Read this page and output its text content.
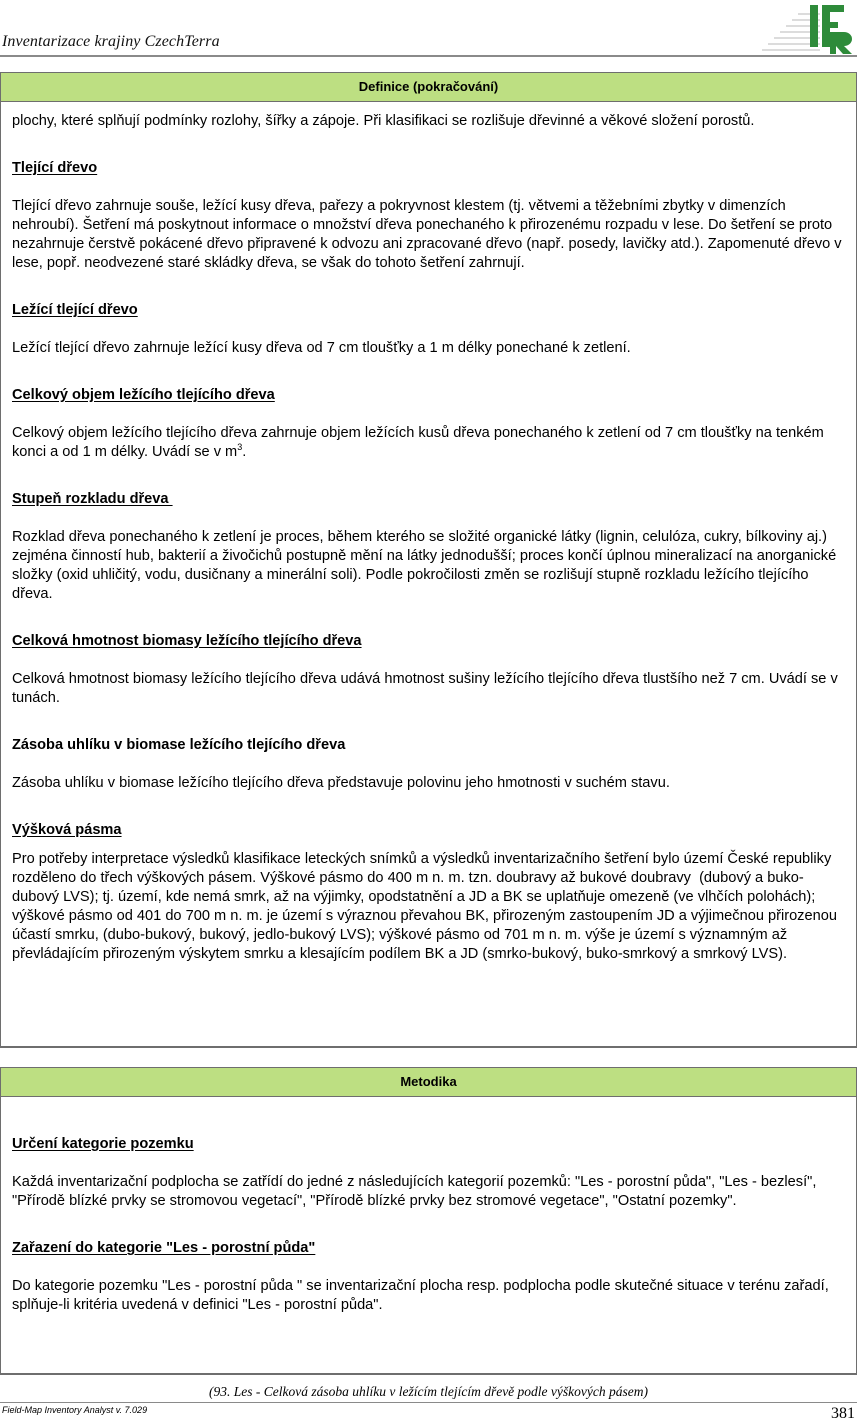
Inventarizace krajiny CzechTerra
Definice (pokračování)

plochy, které splňují podmínky rozlohy, šířky a zápoje. Při klasifikaci se rozlišuje dřevinné a věkové složení porostů.

Tlející dřevo

Tlející dřevo zahrnuje souše, ležící kusy dřeva, pařezy a pokryvnost klestem (tj. větvemi a těžebními zbytky v dimenzích nehroubí). Šetření má poskytnout informace o množství dřeva ponechaného k přirozenému rozpadu v lese. Do šetření se proto nezahrnuje čerstvě pokácené dřevo připravené k odvozu ani zpracované dřevo (např. posedy, lavičky atd.). Zapomenuté dřevo v lese, popř. neodvezené staré skládky dřeva, se však do tohoto šetření zahrnují.

Ležící tlející dřevo

Ležící tlející dřevo zahrnuje ležící kusy dřeva od 7 cm tloušťky a 1 m délky ponechané k zetlení.

Celkový objem ležícího tlejícího dřeva

Celkový objem ležícího tlejícího dřeva zahrnuje objem ležících kusů dřeva ponechaného k zetlení od 7 cm tloušťky na tenkém konci a od 1 m délky. Uvádí se v $m^3$.

Stupeň rozkladu dřeva

Rozklad dřeva ponechaného k zetlení je proces, během kterého se složité organické látky (lignin, celulóza, cukry, bílkoviny aj.) zejména činností hub, bakterií a živočichů postupně mění na látky jednodušší; proces končí úplnou mineralizací na anorganické složky (oxid uhličitý, vodu, dusičnany a minerální soli). Podle pokročilosti změn se rozlišují stupně rozkladu ležícího tlejícího dřeva.

Celková hmotnost biomasy ležícího tlejícího dřeva

Celková hmotnost biomasy ležícího tlejícího dřeva udává hmotnost sušiny ležícího tlejícího dřeva tlustšího než 7 cm. Uvádí se v tunách.

Zásoba uhlíku v biomase ležícího tlejícího dřeva

Zásoba uhlíku v biomase ležícího tlejícího dřeva představuje polovinu jeho hmotnosti v suchém stavu.

Výšková pásma

Pro potřeby interpretace výsledků klasifikace leteckých snímků a výsledků inventarizačního šetření bylo území České republiky rozděleno do třech výškových pásem. Výškové pásmo do 400 m n. m. tzn. doubravy až bukové doubravy  (dubový a buko-dubový LVS); tj. území, kde nemá smrk, až na výjimky, opodstatnění a JD a BK se uplatňuje omezeně (ve vlhčích polohách); výškové pásmo od 401 do 700 m n. m. je území s výraznou převahou BK, přirozeným zastoupením JD a výjimečnou přirozenou účastí smrku, (dubo-bukový, bukový, jedlo-bukový LVS); výškové pásmo od 701 m n. m. výše je území s významným až převládajícím přirozeným výskytem smrku a klesajícím podílem BK a JD (smrko-bukový, buko-smrkový a smrkový LVS).

Metodika

Určení kategorie pozemku

Každá inventarizační podplocha se zatřídí do jedné z následujících kategorií pozemků: "Les - porostní půda", "Les - bezlesí", "Přírodě blízké prvky se stromovou vegetací", "Přírodě blízké prvky bez stromové vegetace", "Ostatní pozemky".

Zařazení do kategorie "Les - porostní půda"

Do kategorie pozemku "Les - porostní půda " se inventarizační plocha resp. podplocha podle skutečné situace v terénu zařadí, splňuje-li kritéria uvedená v definici "Les - porostní půda".

(93. Les - Celková zásoba uhlíku v ležícím tlejícím dřevě podle výškových pásem)
Field-Map Inventory Analyst v. 7.029	381
